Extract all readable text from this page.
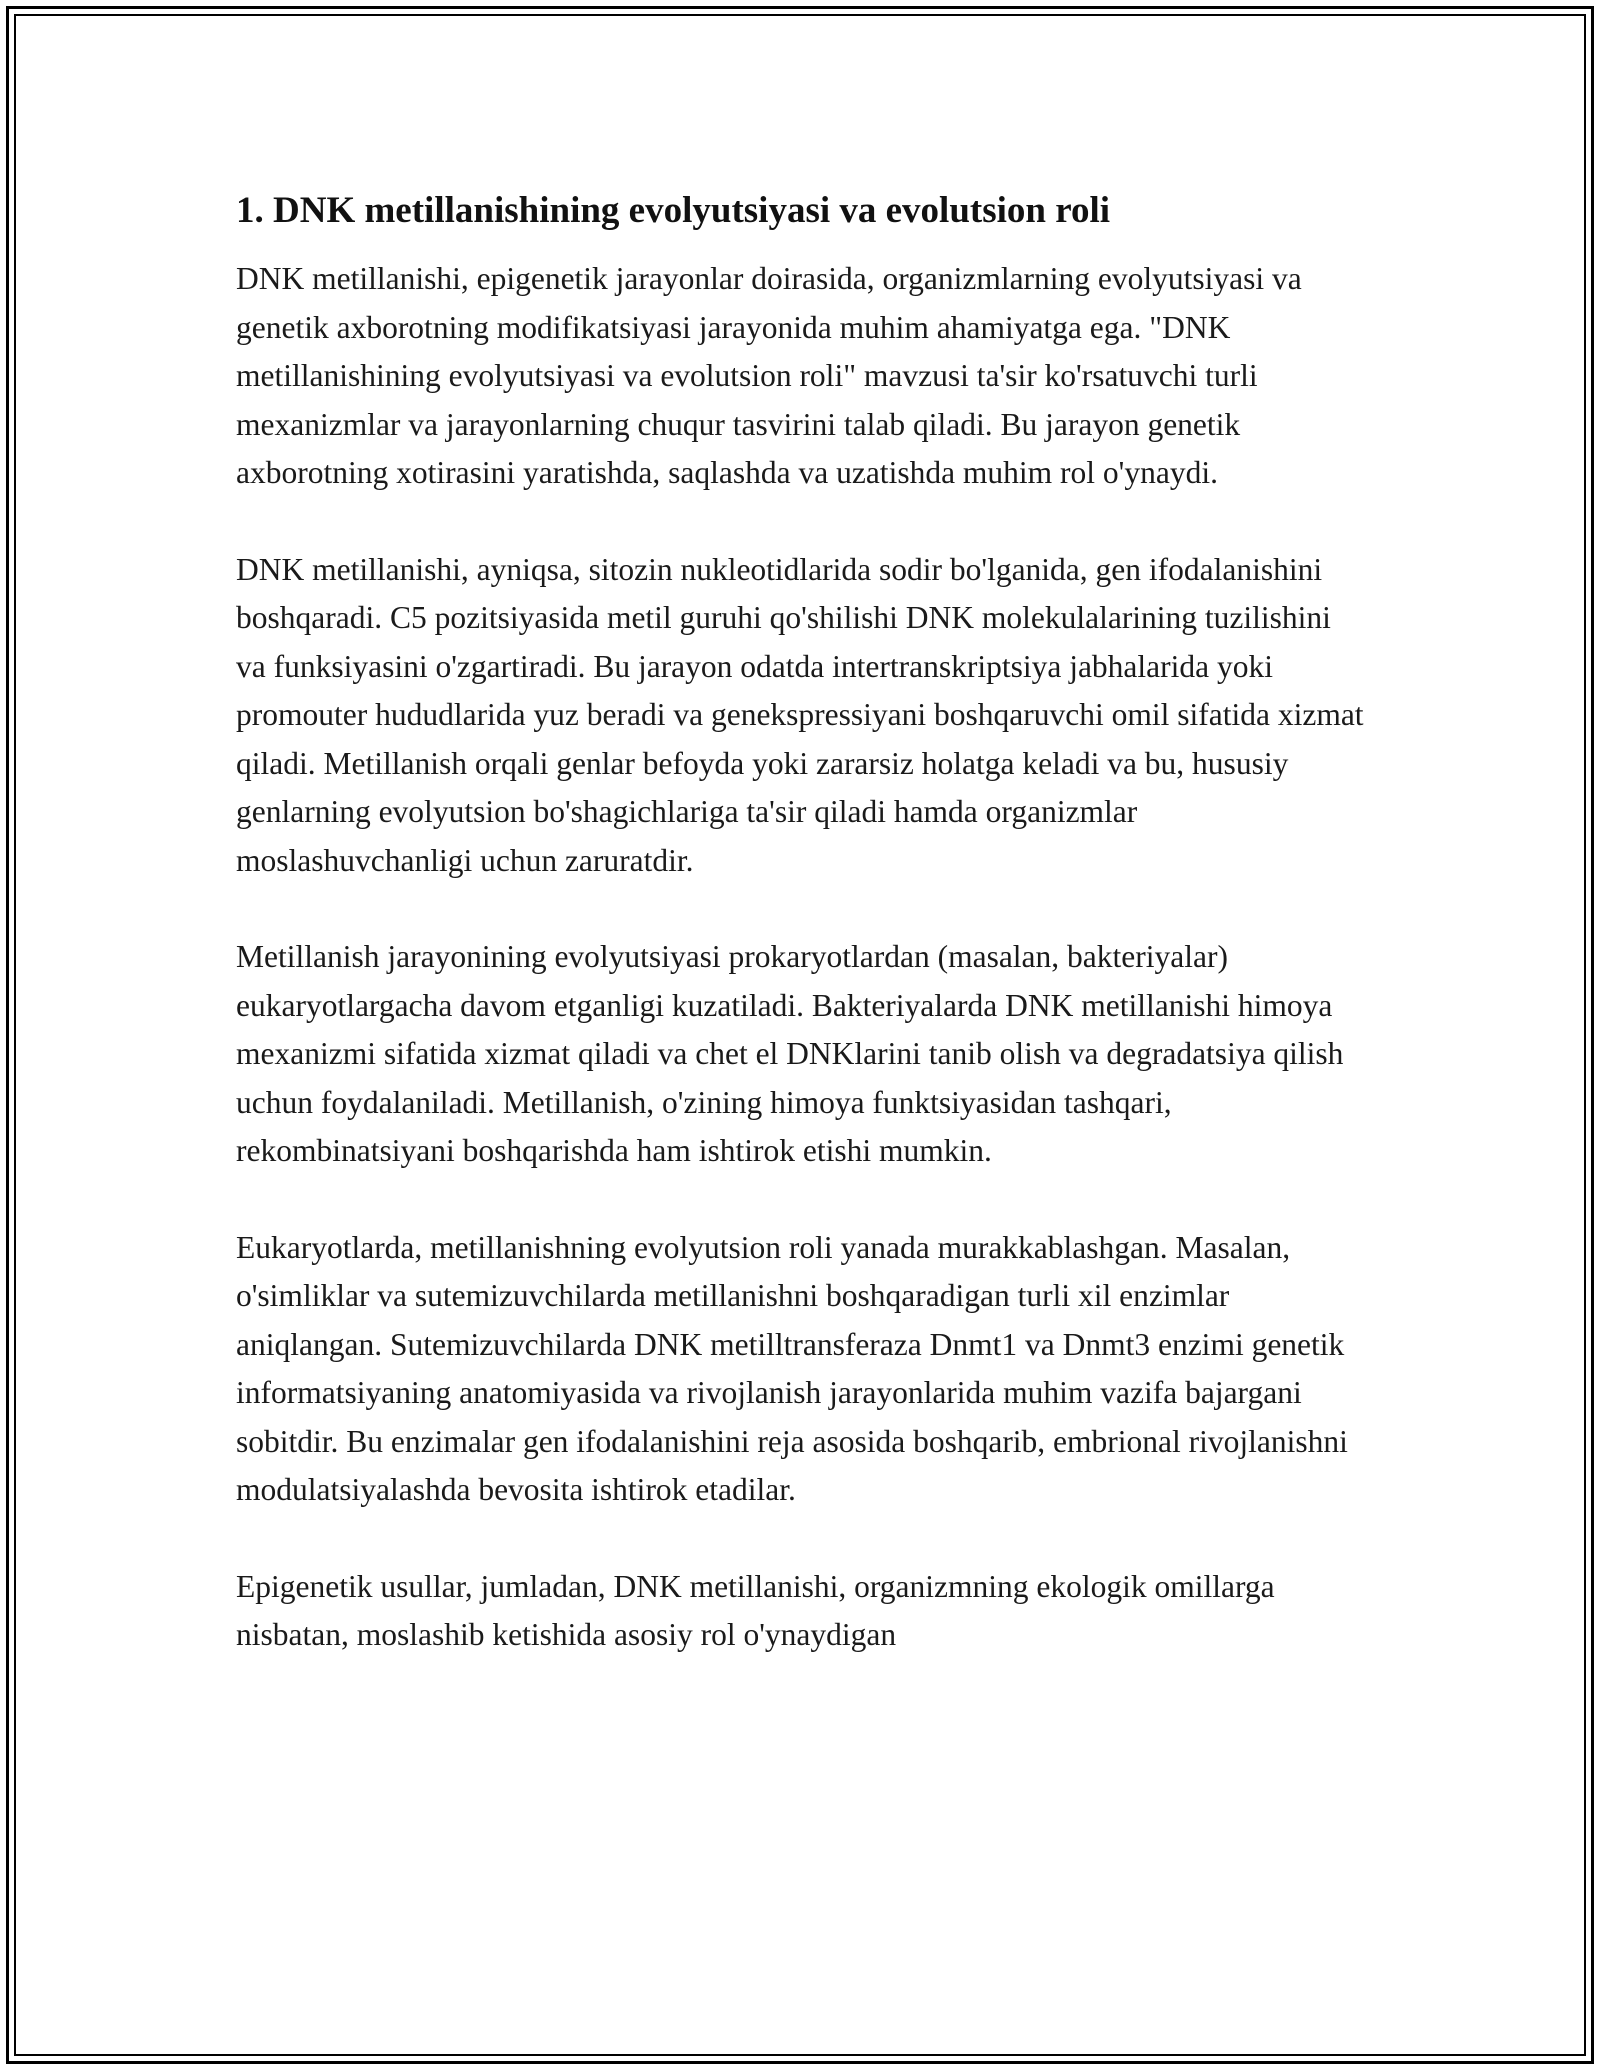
1. DNK metillanishining evolyutsiyasi va evolutsion roli

DNK metillanishi, epigenetik jarayonlar doirasida, organizmlarning evolyutsiyasi va genetik axborotning modifikatsiyasi jarayonida muhim ahamiyatga ega. "DNK metillanishining evolyutsiyasi va evolutsion roli" mavzusi ta'sir ko'rsatuvchi turli mexanizmlar va jarayonlarning chuqur tasvirini talab qiladi. Bu jarayon genetik axborotning xotirasini yaratishda, saqlashda va uzatishda muhim rol o'ynaydi.

DNK metillanishi, ayniqsa, sitozin nukleotidlarida sodir bo'lganida, gen ifodalanishini boshqaradi. C5 pozitsiyasida metil guruhi qo'shilishi DNK molekulalarining tuzilishini va funksiyasini o'zgartiradi. Bu jarayon odatda intertranskriptsiya jabhalarida yoki promouter hududlarida yuz beradi va genekspressiyani boshqaruvchi omil sifatida xizmat qiladi. Metillanish orqali genlar befoyda yoki zararsiz holatga keladi va bu, hususiy genlarning evolyutsion bo'shagichlariga ta'sir qiladi hamda organizmlar moslashuvchanligi uchun zaruratdir.

Metillanish jarayonining evolyutsiyasi prokaryotlardan (masalan, bakteriyalar) eukaryotlargacha davom etganligi kuzatiladi. Bakteriyalarda DNK metillanishi himoya mexanizmi sifatida xizmat qiladi va chet el DNKlarini tanib olish va degradatsiya qilish uchun foydalaniladi. Metillanish, o'zining himoya funktsiyasidan tashqari, rekombinatsiyani boshqarishda ham ishtirok etishi mumkin.

Eukaryotlarda, metillanishning evolyutsion roli yanada murakkablashgan. Masalan, o'simliklar va sutemizuvchilarda metillanishni boshqaradigan turli xil enzimlar aniqlangan. Sutemizuvchilarda DNK metilltransferaza Dnmt1 va Dnmt3 enzimi genetik informatsiyaning anatomiyasida va rivojlanish jarayonlarida muhim vazifa bajargani sobitdir. Bu enzimalar gen ifodalanishini reja asosida boshqarib, embrional rivojlanishni modulatsiyalashda bevosita ishtirok etadilar.

Epigenetik usullar, jumladan, DNK metillanishi, organizmning ekologik omillarga nisbatan, moslashib ketishida asosiy rol o'ynaydigan
